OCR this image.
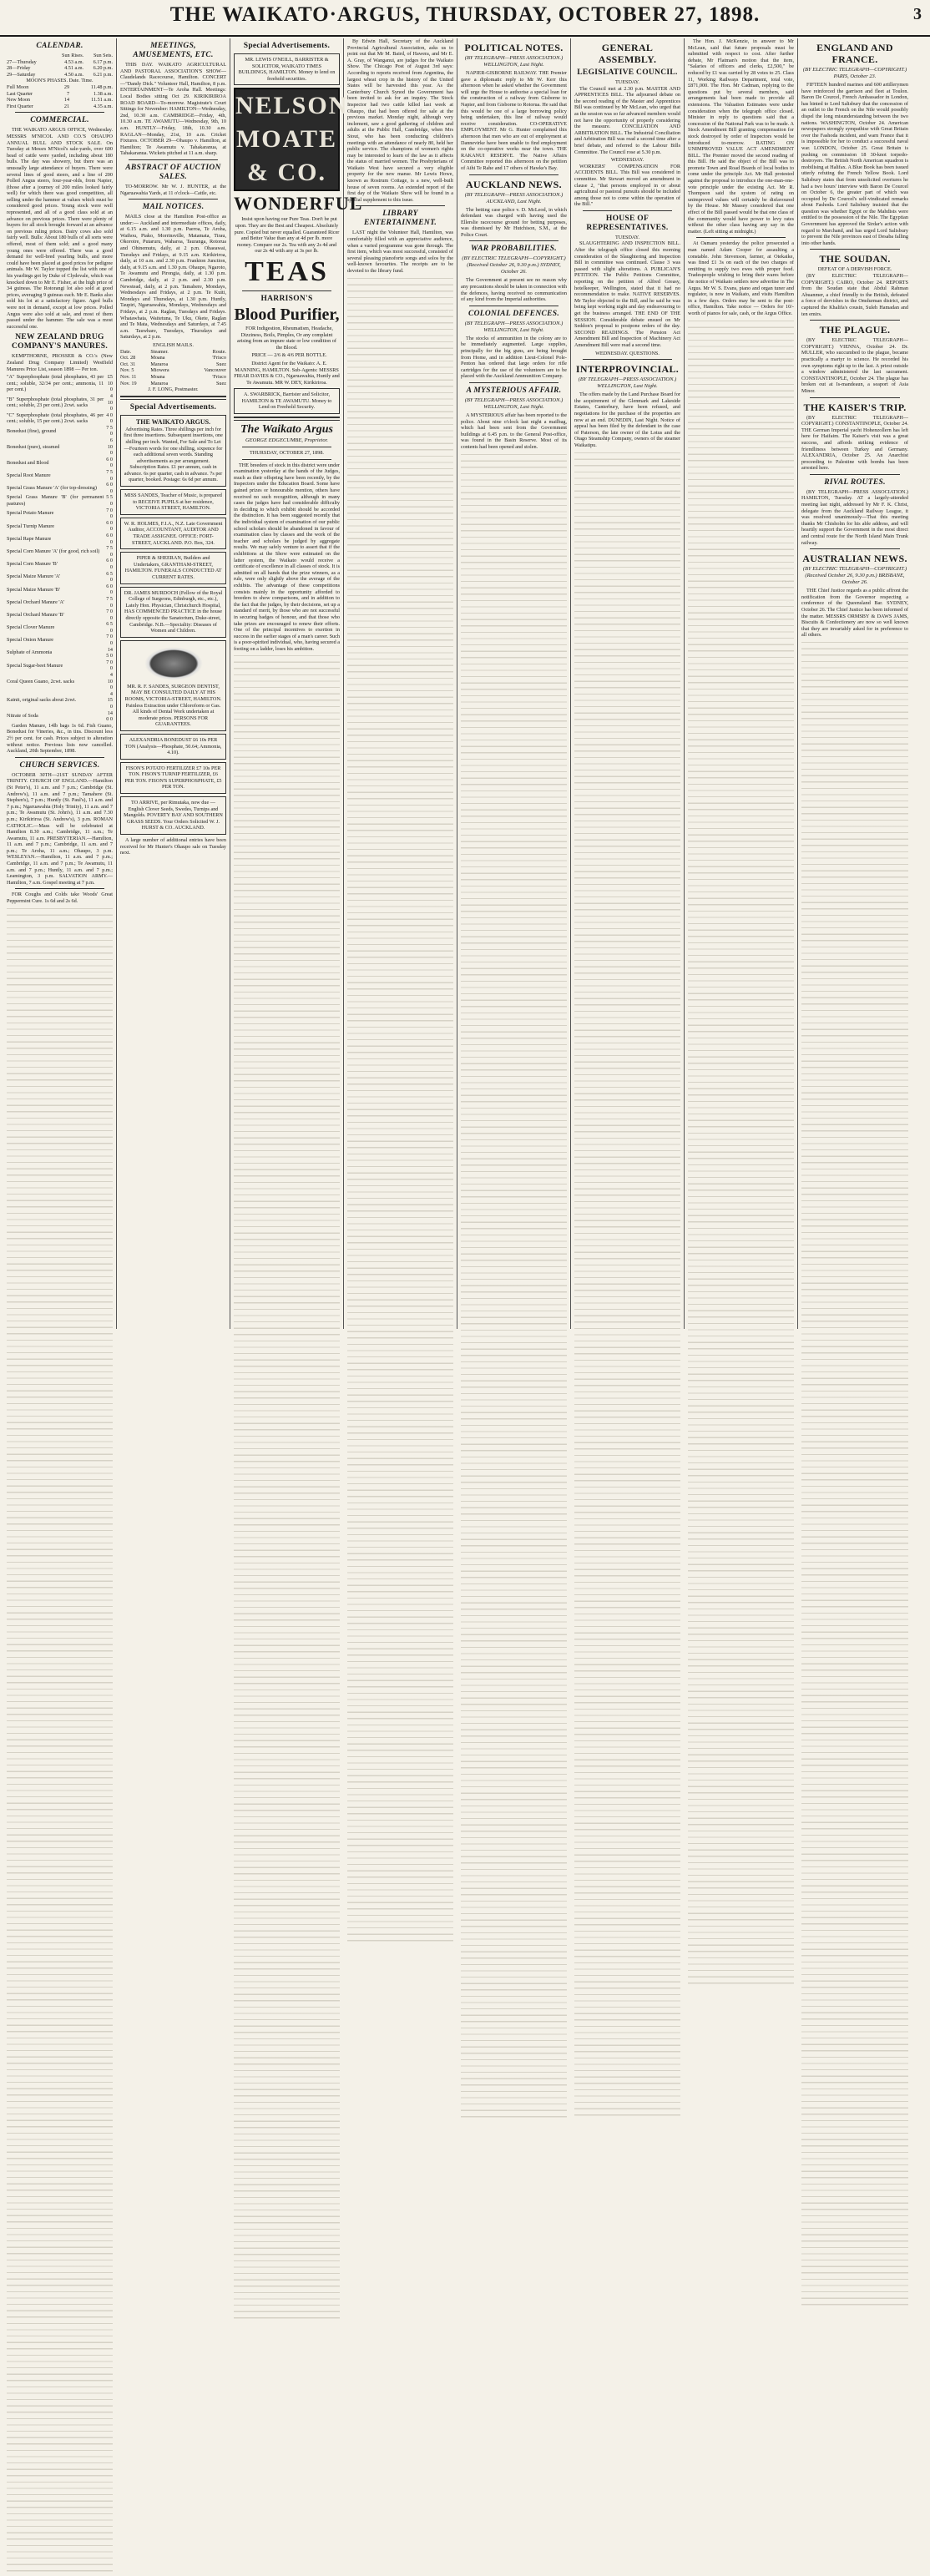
THE WAIKATO·ARGUS, THURSDAY, OCTOBER 27, 1898.	3
CALENDAR.
	Sun Rises.	Sun Sets.
27—Thursday	4.53 a.m.	6.17 p.m.
28—Friday	4.51 a.m.	6.20 p.m.
29—Saturday	4.50 a.m.	6.21 p.m.
MOON'S PHASES. Date. Time.
Full Moon	29	11.48 p.m.
Last Quarter	7	1.38 a.m.
New Moon	14	11.51 a.m.
First Quarter	21	4.35 a.m.
COMMERCIAL.

THE WAIKATO ARGUS OFFICE, Wednesday. MESSRS M'NICOL AND CO.'S OHAUPO ANNUAL BULL AND STOCK SALE. On Tuesday at Messrs M'Nicol's sale-yards, over 600 head of cattle were yarded, including about 180 bulls. The day was showery, but there was an unusually large attendance of buyers. There were several lines of good steers, and a line of 200 Polled Angus steers, four-year-olds, from Napier, (those after a journey of 200 miles looked fairly well) for which there was good competition, all selling under the hammer at values which must be considered good prices. Young stock were well represented, and all of a good class sold at an advance on previous prices. There were plenty of buyers for all stock brought forward at an advance on previous ruling prices. Dairy cows also sold fairly well. Bulls: About 180 bulls of all sorts were offered, most of them sold; and a good many young ones were offered. There was a good demand for well-bred yearling bulls, and more could have been placed at good prices for pedigree animals. Mr W. Taylor topped the list with one of his yearlings got by Duke of Clydevale, which was knocked down to Mr E. Fisher, at the high price of 34 guineas. The Rotorangi lot also sold at good prices, averaging 9 guineas each. Mr E. Banks also sold his lot at a satisfactory figure. Aged bulls were not in demand, except at low prices. Polled Angus were also sold at sale, and most of them passed under the hammer. The sale was a most successful one.

NEW ZEALAND DRUG COMPANY'S MANURES.

KEMPTHORNE, PROSSER & CO.'s (New Zealand Drug Company Limited) Westfield Manures Price List, season 1898 — Per ton.

"A" Superphosphate (total phosphates, 43 per cent.; soluble, 32/34 per cent.; ammonia, 11 per cent.)	£5 10 0
"B" Superphosphate (total phosphates, 31 per cent.; soluble, 23 per cent.) 2cwt. sacks	4 10 0
"C" Superphosphate (total phosphates, 46 per cent.; soluble, 15 per cent.) 2cwt. sacks	4 0 0
Bonedust (fine), ground	7 5 0
Bonedust (pure), steamed	6 10 0
Bonedust and Blood	6 0 0
Special Root Manure	7 5 0
Special Grass Manure 'A' (for top-dressing)	6 0 0
Special Grass Manure 'B' (for permanent pastures)	5 5 0
Special Potato Manure	7 0 0
Special Turnip Manure	6 0 0
Special Rape Manure	6 0 0
Special Corn Manure 'A' (for good, rich soil)	7 5 0
Special Corn Manure 'B'	6 0 0
Special Maize Manure 'A'	6 5 0
Special Maize Manure 'B'	6 0 0
Special Orchard Manure 'A'	7 5 0
Special Orchard Manure 'B'	7 0 0
Special Clover Manure	6 5 0
Special Onion Manure	7 0 0
Sulphate of Ammonia	14 5 0
Special Sugar-beet Manure	7 0 0
Coral Queen Guano, 2cwt. sacks	4 10 0
Kainit, original sacks about 2cwt.	4 15 0
Nitrate of Soda	14 0 0

Garden Manure, 14lb bags 1s 6d. Fish Guano, Bonedust for Vineries, &c., in tins. Discount less 2½ per cent. for cash. Prices subject to alteration without notice. Previous lists now cancelled. Auckland, 20th September, 1898.

CHURCH SERVICES.

OCTOBER 30TH—21ST SUNDAY AFTER TRINITY. CHURCH OF ENGLAND.—Hamilton (St Peter's), 11 a.m. and 7 p.m.; Cambridge (St. Andrew's), 11 a.m. and 7 p.m.; Tamahere (St. Stephen's), 7 p.m.; Huntly (St. Paul's), 11 a.m. and 7 p.m.; Ngaruawahia (Holy Trinity), 11 a.m. and 7 p.m.; Te Awamutu (St. John's), 11 a.m. and 7.30 p.m.; Kirikiriroa (St. Andrew's), 3 p.m. ROMAN CATHOLIC.—Mass will be celebrated at Hamilton 8.30 a.m.; Cambridge, 11 a.m.; Te Awamutu, 11 a.m. PRESBYTERIAN.—Hamilton, 11 a.m. and 7 p.m.; Cambridge, 11 a.m. and 7 p.m.; Te Aroha, 11 a.m.; Ohaupo, 3 p.m. WESLEYAN.—Hamilton, 11 a.m. and 7 p.m.; Cambridge, 11 a.m. and 7 p.m.; Te Awamutu, 11 a.m. and 7 p.m.; Huntly, 11 a.m. and 7 p.m.; Leamington, 3 p.m. SALVATION ARMY.—Hamilton, 7 a.m. Gospel meeting at 7 p.m.

FOR Coughs and Colds take Woods' Great Peppermint Cure. 1s 6d and 2s 6d.

MEETINGS, AMUSEMENTS, ETC.

THIS DAY. WAIKATO AGRICULTURAL AND PASTORAL ASSOCIATION'S SHOW—Claudelands Racecourse, Hamilton. CONCERT—"Dandy Dick." Volunteer Hall, Hamilton, 8 p.m. ENTERTAINMENT—Te Aroha Hall. Meetings: Local Bodies sitting Oct 29. KIRIKIRIROA ROAD BOARD—To-morrow. Magistrate's Court Sittings for November: HAMILTON—Wednesday, 2nd, 10.30 a.m. CAMBRIDGE—Friday, 4th, 10.30 a.m. TE AWAMUTU—Wednesday, 9th, 10 a.m. HUNTLY—Friday, 18th, 10.30 a.m. RAGLAN—Monday, 21st, 10 a.m. Cricket Fixtures. OCTOBER 29—Ohaupo v. Hamilton, at Hamilton; Te Awamutu v. Tahakaranua, at Tahakaranua. Wickets pitched at 11 a.m. sharp.

ABSTRACT OF AUCTION SALES.

TO-MORROW. Mr W. J. HUNTER, at the Ngaruawahia Yards, at 11 o'clock—Cattle, etc.

MAIL NOTICES.

MAILS close at the Hamilton Post-office as under:— Auckland and intermediate offices, daily, at 6.15 a.m. and 1.30 p.m. Paeroa, Te Aroha, Waihou, Piako, Morrinsville, Matamata, Tirau, Okoroire, Putaruru, Waharoa, Tauranga, Rotorua and Ohinemutu, daily, at 2 p.m. Ohaeawai, Tuesdays and Fridays, at 9.15 a.m. Kirikiriroa, daily, at 10 a.m. and 2.30 p.m. Frankton Junction, daily, at 9.15 a.m. and 1.30 p.m. Ohaupo, Ngaroto, Te Awamutu and Pirongia, daily, at 1.30 p.m. Cambridge, daily, at 2 p.m. and 2.30 p.m. Newstead, daily, at 2 p.m. Tamahere, Mondays, Wednesdays and Fridays, at 2 p.m. Te Kuiti, Mondays and Thursdays, at 1.30 p.m. Huntly, Taupiri, Ngaruawahia, Mondays, Wednesdays and Fridays, at 2 p.m. Raglan, Tuesdays and Fridays. Whatawhata, Waitetuna, Te Uku, Okete, Raglan and Te Mata, Wednesdays and Saturdays, at 7.45 a.m. Tauwhare, Tuesdays, Thursdays and Saturdays, at 2 p.m.

ENGLISH MAILS.
Date.	Steamer.	Route.
Oct. 28	Moana	'Frisco
Oct. 31	Mararoa	Suez
Nov. 5	Miowera	Vancouver
Nov. 11	Moana	'Frisco
Nov. 19	Mararoa	Suez
J. F. LONG, Postmaster.
Special Advertisements.
THE WAIKATO ARGUS.
Advertising Rates. Three shillings per inch for first three insertions. Subsequent insertions, one shilling per inch. Wanted, For Sale and To Let—Fourteen words for one shilling, sixpence for each additional seven words. Standing advertisements as per arrangement. Subscription Rates. £1 per annum, cash in advance. 6s per quarter, cash in advance. 7s per quarter, booked. Postage: 6s 6d per annum.
MISS SANDES, Teacher of Music, is prepared to RECEIVE PUPILS at her residence, VICTORIA STREET, HAMILTON.
W. R. HOLMES, F.I.A., N.Z. Late Government Auditor, ACCOUNTANT, AUDITOR AND TRADE ASSIGNEE. OFFICE: FORT-STREET, AUCKLAND. P.O. Box, 324.
PIPER & SHEERAN, Builders and Undertakers, GRANTHAM-STREET, HAMILTON. FUNERALS CONDUCTED AT CURRENT RATES.
DR. JAMES MURDOCH (Fellow of the Royal College of Surgeons, Edinburgh, etc., etc.), Lately Hon. Physician, Christchurch Hospital, HAS COMMENCED PRACTICE in the house directly opposite the Sanatorium, Duke-street, Cambridge. N.B.—Speciality: Diseases of Women and Children.
MR. R. F. SANDES, SURGEON DENTIST, MAY BE CONSULTED DAILY AT HIS ROOMS, VICTORIA-STREET, HAMILTON. Painless Extraction under Chloroform or Gas. All kinds of Dental Work undertaken at moderate prices. PERSONS FOR GUARANTEES.
ALEXANDRIA BONEDUST £6 10s PER TON (Analysis—Phosphate, 50.64; Ammonia, 4.10).
FISON'S POTATO FERTILIZER £7 10s PER TON. FISON'S TURNIP FERTILIZER, £6 PER TON. FISON'S SUPERPHOSPHATE, £5 PER TON.
TO ARRIVE, per Rimutaka, now due —English Clover Seeds, Swedes, Turnips and Mangolds. POVERTY BAY AND SOUTHERN GRASS SEEDS. Your Orders Solicited W. J. HURST & CO. AUCKLAND.

A large number of additional entries have been received for Mr Hunter's Ohaupo sale on Tuesday next.

Special Advertisements.
MR. LEWIS O'NEILL, BARRISTER & SOLICITOR, WAIKATO TIMES BUILDINGS, HAMILTON. Money to lend on freehold securities.
NELSON MOATE & CO.
WONDERFUL

Insist upon having our Pure Teas. Don't be put upon. They are the Best and Cheapest. Absolutely pure. Copied but never equalled. Guaranteed Ricer and Better Value than any at 4d per lb. more money. Compare our 2s. Tea with any 2s 4d and our 2s 4d with any at 3s per lb.

TEAS
HARRISON'S
Blood Purifier,

FOR Indigestion, Rheumatism, Headache, Dizziness, Boils, Pimples, Or any complaint arising from an impure state or low condition of the Blood.

PRICE — 2/6 & 4/6 PER BOTTLE.

District Agent for the Waikato: A. E. MANNING, HAMILTON. Sub-Agents: MESSRS FRIAR DAVIES & CO., Ngaruawahia, Huntly and Te Awamutu. MR W. DEY, Kirikiriroa.

A. SWARBRICK, Barrister and Solicitor, HAMILTON & TE AWAMUTU. Money to Lend on Freehold Security.
The Waikato Argus
GEORGE EDGECUMBE, Proprietor.
THURSDAY, OCTOBER 27, 1898.

THE breeders of stock in this district were under examination yesterday at the hands of the Judges, much as their offspring have been recently, by the Inspectors under the Education Board. Some have gained prizes or honourable mention, others have received no such recognition, although in many cases the judges have had considerable difficulty in deciding to which exhibit should be accorded the distinction. It has been suggested recently that the individual system of examination of our public school scholars should be abandoned in favour of examination class by classes and the work of the teacher and scholars be judged by aggregate results. We may safely venture to assert that if the exhibitions at the Show were estimated on the latter system, the Waikato would receive a certificate of excellence in all classes of stock. It is admitted on all hands that the prize winners, as a rule, were only slightly above the average of the exhibits. The advantage of these competitions consists mainly in the opportunity afforded to breeders to show comparisons, and in addition to the fact that the judges, by their decisions, set up a standard of merit, by those who are not successful in securing badges of honour, and that those who take prizes are encouraged to renew their efforts. One of the principal incentives to exertion in success in the earlier stages of a man's career. Such is a poor-spirited individual, who, having secured a footing on a ladder, loses his ambition.

By Edwin Hall, Secretary of the Auckland Provincial Agricultural Association, asks us to point out that Mr M. Baird, of Hawera, and Mr E. A. Gray, of Wanganui, are judges for the Waikato Show. The Chicago Post of August 3rd says: According to reports received from Argentina, the largest wheat crop in the history of the United States will be harvested this year. As the Canterbury Church Synod the Government has been invited to ask for an inquiry. The Stock Inspector had two cattle killed last week at Ohaupo, that had been offered for sale at the previous market. Monday night, although very inclement, saw a good gathering of children and adults at the Public Hall, Cambridge, when Mrs Stout, who has been conducting children's meetings with an attendance of nearly 80, held her public service. The champions of women's rights may be interested to learn of the law as it affects the status of married women. The Presbyterians of Waikato West have secured a very eligible property for the new manse. Mr Lewis Howe, known as Rostrum Cottage, is a new, well-built house of seven rooms. An extended report of the first day of the Waikato Show will be found in a special supplement to this issue.

LIBRARY ENTERTAINMENT.

LAST night the Volunteer Hall, Hamilton, was comfortably filled with an appreciative audience, when a varied programme was gone through. The first item, which was most successful, consisted of several pleasing pianoforte songs and solos by the well-known favourites. The receipts are to be devoted to the library fund.

POLITICAL NOTES.
(BY TELEGRAPH—PRESS ASSOCIATION.) WELLINGTON, Last Night.

NAPIER-GISBORNE RAILWAY. THE Premier gave a diplomatic reply to Mr W. Kerr this afternoon when he asked whether the Government will urge the House to authorise a special loan for the construction of a railway from Gisborne to Napier, and from Gisborne to Rotorua. He said that this would be one of a large borrowing policy being undertaken, this line of railway would receive consideration. CO-OPERATIVE EMPLOYMENT. Mr G. Hunter complained this afternoon that men who are out of employment at Dannevirke have been unable to find employment on the co-operative works near the town. THE RAKANUI RESERVE. The Native Affairs Committee reported this afternoon on the petition of Aihi Te Rahe and 17 others of Hawke's Bay.

AUCKLAND NEWS.
(BY TELEGRAPH—PRESS ASSOCIATION.) AUCKLAND, Last Night.

The betting case police v. D. McLeod, in which defendant was charged with having used the Ellerslie racecourse ground for betting purposes, was dismissed by Mr Hutchison, S.M., at the Police Court.

WAR PROBABILITIES.
(BY ELECTRIC TELEGRAPH—COPYRIGHT.) (Received October 26, 9.30 p.m.) SYDNEY, October 26.

The Government at present see no reason why any precautions should be taken in connection with the defences, having received no communication of any kind from the Imperial authorities.

COLONIAL DEFENCES.
(BY TELEGRAPH—PRESS ASSOCIATION.) WELLINGTON, Last Night.

The stocks of ammunition in the colony are to be immediately augmented. Large supplies, principally for the big guns, are being brought from Home, and in addition Lieut-Colonel Pole-Penton has ordered that large orders for rifle cartridges for the use of the volunteers are to be placed with the Auckland Ammunition Company.

A MYSTERIOUS AFFAIR.
(BY TELEGRAPH—PRESS ASSOCIATION.) WELLINGTON, Last Night.

A MYSTERIOUS affair has been reported to the police. About nine o'clock last night a mailbag, which had been sent from the Government buildings at 6.45 p.m. to the General Post-office, was found in the Basin Reserve. Most of its contents had been opened and stolen.

GENERAL ASSEMBLY.
LEGISLATIVE COUNCIL.
TUESDAY.

The Council met at 2.30 p.m. MASTER AND APPRENTICES BILL. The adjourned debate on the second reading of the Master and Apprentices Bill was continued by Mr McLean, who urged that as the session was so far advanced members would not have the opportunity of properly considering the measure. CONCILIATION AND ARBITRATION BILL. The Industrial Conciliation and Arbitration Bill was read a second time after a brief debate, and referred to the Labour Bills Committee. The Council rose at 5.30 p.m.

WEDNESDAY.

WORKERS' COMPENSATION FOR ACCIDENTS BILL. This Bill was considered in committee. Mr Stewart moved an amendment in clause 2, "that persons employed in or about agricultural or pastoral pursuits should be included among those not to come within the operation of the Bill."

HOUSE OF REPRESENTATIVES.
TUESDAY.

SLAUGHTERING AND INSPECTION BILL. After the telegraph office closed this morning consideration of the Slaughtering and Inspection Bill in committee was continued. Clause 3 was passed with slight alterations. A PUBLICAN'S PETITION. The Public Petitions Committee, reporting on the petition of Alfred Greasy, hotelkeeper, Wellington, stated that it had no recommendation to make. NATIVE RESERVES. Mr Taylor objected to the Bill, and he said he was being kept working night and day endeavouring to get the business arranged. THE END OF THE SESSION. Considerable debate ensued on Mr Seddon's proposal to postpone orders of the day. SECOND READINGS. The Pension Act Amendment Bill and Inspection of Machinery Act Amendment Bill were read a second time.

WEDNESDAY. QUESTIONS.
INTERPROVINCIAL.
(BY TELEGRAPH—PRESS ASSOCIATION.) WELLINGTON, Last Night.

The offers made by the Land Purchase Board for the acquirement of the Glenmark and Lakeside Estates, Canterbury, have been refused, and negotiations for the purchase of the properties are now at an end. DUNEDIN, Last Night. Notice of appeal has been filed by the defendant in the case of Paterson, the late owner of the Lotus and the Otago Steamship Company, owners of the steamer Waikatipu.

The Hon. J. McKenzie, in answer to Mr McLean, said that future proposals must be submitted with respect to cost. After further debate, Mr Flatman's motion that the item, "Salaries of officers and clerks, £2,500," be reduced by £1 was carried by 28 votes to 25. Class 11, Working Railways Department, total vote, £871,000. The Hon. Mr Cadman, replying to the questions put by several members, said arrangements had been made to provide all extensions. The Valuation Estimates were under consideration when the telegraph office closed. Minister in reply to questions said that a concession of the National Park was to be made. A Stock Amendment Bill granting compensation for stock destroyed by order of Inspectors would be introduced to-morrow. RATING ON UNIMPROVED VALUE ACT AMENDMENT BILL. The Premier moved the second reading of this Bill. He said the object of the Bill was to promote Town and Road Boards of local bodies to come under the principle Act. Mr Hall protested against the proposal to introduce the one-man-one-vote principle under the existing Act. Mr R. Thompson said the system of rating on unimproved values will certainly be disfavoured by the House. Mr Massey considered that one effect of the Bill passed would be that one class of the community would have power to levy rates without the other class having any say in the matter. (Left sitting at midnight.)

At Oamaru yesterday the police prosecuted a man named Adam Cooper for assaulting a constable. John Stevenson, farmer, at Otekaike, was fined £1 3s on each of the two charges of omitting to supply two ewes with proper food. Tradespeople wishing to bring their wares before the notice of Waikato settlers now advertise in The Argus. Mr W. S. Evans, piano and organ tuner and regulator, is now in Waikato, and visits Hamilton in a few days. Orders may be sent to the post-office, Hamilton. Take notice — Orders for 10/- worth of pianos for sale, cash, or the Argus Office.

ENGLAND AND FRANCE.
(BY ELECTRIC TELEGRAPH—COPYRIGHT.) PARIS, October 23.

FIFTEEN hundred marines and 600 artillerymen have reinforced the garrison and fleet at Toulon. Baron De Courcel, French Ambassador in London, has hinted to Lord Salisbury that the concession of an outlet to the French on the Nile would possibly dispel the long misunderstanding between the two nations. WASHINGTON, October 24. American newspapers strongly sympathise with Great Britain over the Fashoda incident, and warn France that it is impossible for her to conduct a successful naval war. LONDON, October 25. Great Britain is pushing on commission 18 30-knot torpedo-destroyers. The British North American squadron is mobilising at Halifax. A Blue Book has been issued utterly refuting the French Yellow Book. Lord Salisbury states that from unsolicited overtures he had a two hours' interview with Baron De Courcel on October 6, the greater part of which was occupied by De Courcel's self-vindicated remarks about Fashoda. Lord Salisbury insisted that the question was whether Egypt or the Mahdists were entitled to the possession of the Nile. The Egyptian Government has approved the Sirdar's action with regard to Marchand, and has urged Lord Salisbury to prevent the Nile provinces east of Desaba falling into other hands.

THE SOUDAN.
DEFEAT OF A DERVISH FORCE.

(BY ELECTRIC TELEGRAPH—COPYRIGHT.) CAIRO, October 24. REPORTS from the Soudan state that Abdul Rahman Abuanmer, a chief friendly to the British, defeated a force of dervishes in the Omdurman district, and captured the Khalifa's cousin, Suleh Hamadan and ten emirs.

THE PLAGUE.

(BY ELECTRIC TELEGRAPH—COPYRIGHT.) VIENNA, October 24. Dr. MULLER, who succumbed to the plague, became practically a martyr to science. He recorded his own symptoms right up to the last. A priest outside a window administered the last sacrament. CONSTANTINOPLE, October 24. The plague has broken out at Is-mandeaun, a seaport of Asia Minor.

THE KAISER'S TRIP.

(BY ELECTRIC TELEGRAPH—COPYRIGHT.) CONSTANTINOPLE, October 24. THE German Imperial yacht Hohenzollern has left here for Haifaim. The Kaiser's visit was a great success, and affords striking evidence of friendliness between Turkey and Germany. ALEXANDRIA, October 25. An Anarchist proceeding to Palestine with bombs has been arrested here.

RIVAL ROUTES.

(BY TELEGRAPH—PRESS ASSOCIATION.) HAMILTON, Tuesday. AT a largely-attended meeting last night, addressed by Mr F. K. Christ, delegate from the Auckland Railway League, it was resolved unanimously—That this meeting thanks Mr Chisholm for his able address, and will heartily support the Government in the most direct and central route for the North Island Main Trunk railway.

AUSTRALIAN NEWS.
(BY ELECTRIC TELEGRAPH—COPYRIGHT.) (Received October 26, 9.30 p.m.) BRISBANE, October 26.

THE Chief Justice regards as a public affront the notification from the Governor respecting a conference of the Queensland Bar. SYDNEY, October 26. The Chief Justice has been informed of the matter. MESSRS ORMSBY & DAWS JAMS, Biscuits & Confectionery are now so well known that they are invariably asked for in preference to all others.
